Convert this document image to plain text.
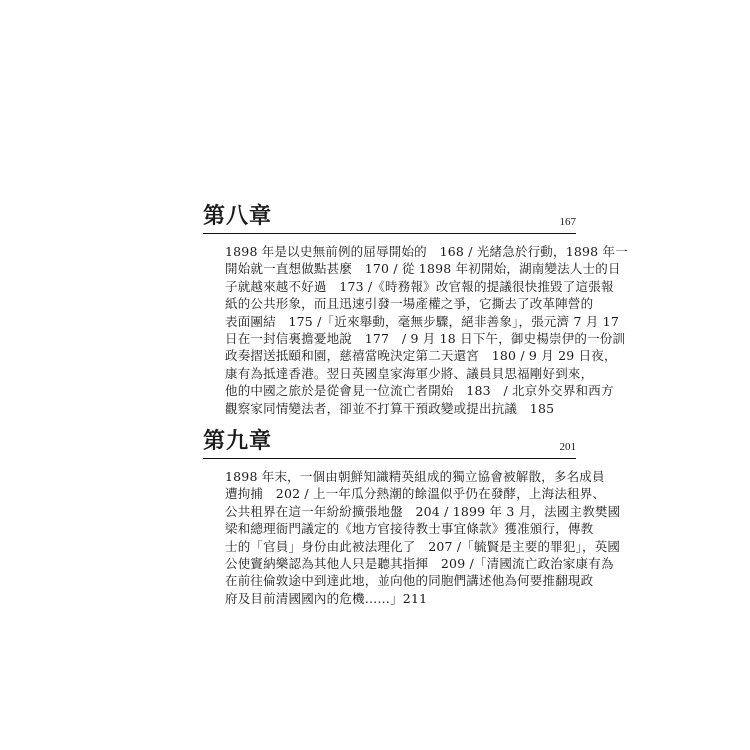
第八章	167
1898 年是以史無前例的屈辱開始的　168 / 光緒急於行動，1898 年一
開始就一直想做點甚麼　170 / 從 1898 年初開始，湖南變法人士的日
子就越來越不好過　173 /《時務報》改官報的提議很快推毀了這張報
紙的公共形象，而且迅速引發一場產權之爭，它撕去了改革陣營的
表面團結　175 /「近來舉動，毫無步驟，絕非善象」，張元濟 7 月 17
日在一封信裏擔憂地說　177　/ 9 月 18 日下午，御史楊崇伊的一份訓
政奏摺送抵頤和園，慈禧當晚決定第二天還宮　180 / 9 月 29 日夜，
康有為抵達香港。翌日英國皇家海軍少將、議員貝思福剛好到來，
他的中國之旅於是從會見一位流亡者開始　183　/ 北京外交界和西方
觀察家同情變法者，卻並不打算干預政變或提出抗議　185
第九章	201
1898 年末，一個由朝鮮知識精英組成的獨立協會被解散，多名成員
遭拘捕　202 / 上一年瓜分熱潮的餘溫似乎仍在發酵，上海法租界、
公共租界在這一年紛紛擴張地盤　204 / 1899 年 3 月，法國主教樊國
梁和總理衙門議定的《地方官接待教士事宜條款》獲准頒行，傳教
士的「官員」身份由此被法理化了　207 /「毓賢是主要的罪犯」，英國
公使竇納樂認為其他人只是聽其指揮　209 /「清國流亡政治家康有為
在前往倫敦途中到達此地，並向他的同胞們講述他為何要推翻現政
府及目前清國國內的危機……」211
